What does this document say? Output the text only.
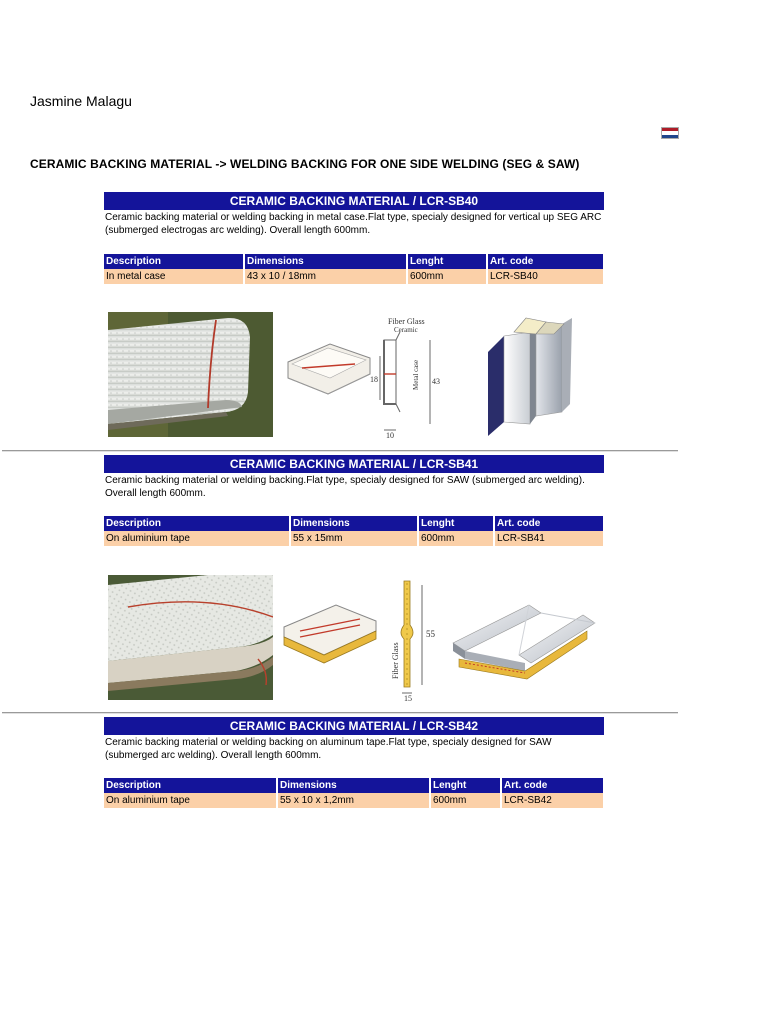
Jasmine Malagu
CERAMIC BACKING MATERIAL -> WELDING BACKING FOR ONE SIDE WELDING (SEG & SAW)
CERAMIC BACKING MATERIAL / LCR-SB40
Ceramic backing material or welding backing in metal case.Flat type, specialy designed for vertical up SEG ARC (submerged electrogas arc welding). Overall length 600mm.
Description	Dimensions	Lenght	Art. code
In metal case	43 x 10 / 18mm	600mm	LCR-SB40
Fiber Glass
Ceramic
Metal case
18	43
10
CERAMIC BACKING MATERIAL / LCR-SB41
Ceramic backing material or welding backing.Flat type, specialy designed for SAW (submerged arc welding). Overall length 600mm.
Description	Dimensions	Lenght	Art. code
On aluminium tape	55 x 15mm	600mm	LCR-SB41
Fiber Glass
55
15
CERAMIC BACKING MATERIAL / LCR-SB42
Ceramic backing material or welding backing on aluminum tape.Flat type, specialy designed for SAW (submerged arc welding). Overall length 600mm.
Description	Dimensions	Lenght	Art. code
On aluminium tape	55 x 10 x 1,2mm	600mm	LCR-SB42
